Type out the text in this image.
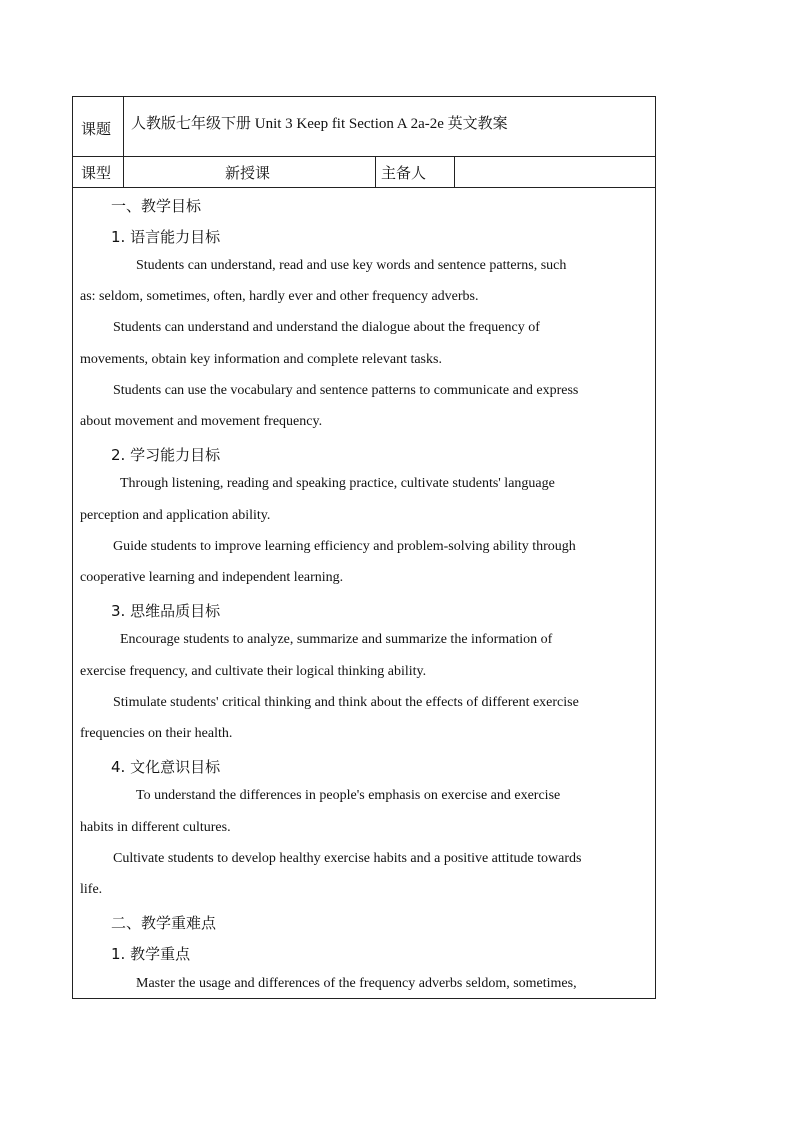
课题 人教版七年级下册 Unit 3 Keep fit Section A 2a-2e 英文教案
课型	新授课	主备人
一、教学目标
1. 语言能力目标
Students can understand, read and use key words and sentence patterns, such
as: seldom, sometimes, often, hardly ever and other frequency adverbs.
Students can understand and understand the dialogue about the frequency of
movements, obtain key information and complete relevant tasks.
Students can use the vocabulary and sentence patterns to communicate and express
about movement and movement frequency.
2. 学习能力目标
Through listening, reading and speaking practice, cultivate students' language
perception and application ability.
Guide students to improve learning efficiency and problem-solving ability through
cooperative learning and independent learning.
3. 思维品质目标
Encourage students to analyze, summarize and summarize the information of
exercise frequency, and cultivate their logical thinking ability.
Stimulate students' critical thinking and think about the effects of different exercise
frequencies on their health.
4. 文化意识目标
To understand the differences in people's emphasis on exercise and exercise
habits in different cultures.
Cultivate students to develop healthy exercise habits and a positive attitude towards
life.
二、教学重难点
1. 教学重点
Master the usage and differences of the frequency adverbs seldom, sometimes,
